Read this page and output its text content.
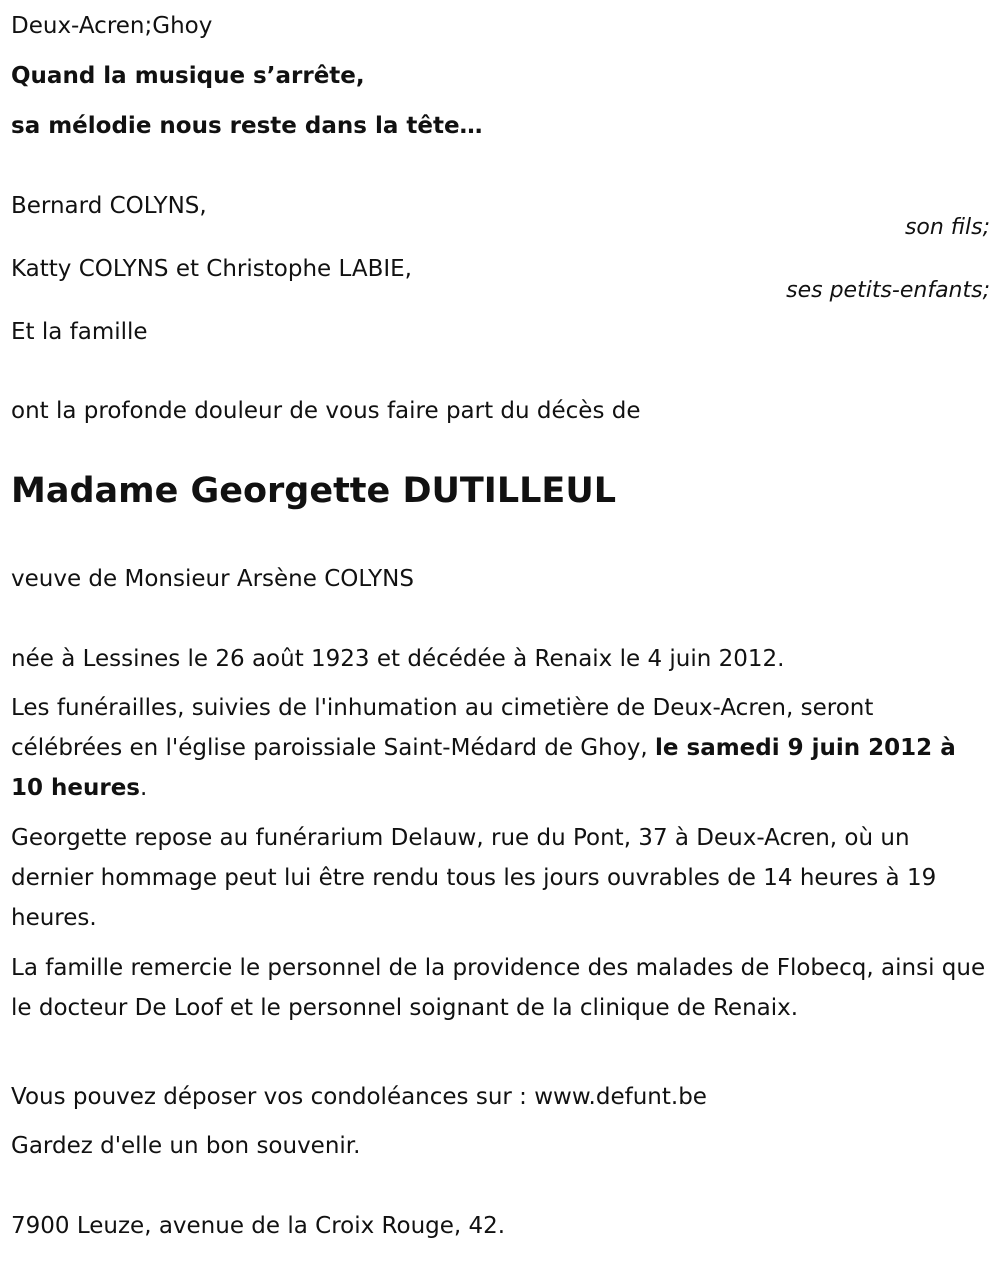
Deux-Acren;Ghoy

Quand la musique s’arrête,

sa mélodie nous reste dans la tête…

Bernard COLYNS,

son fils;

Katty COLYNS et Christophe LABIE,

ses petits-enfants;

Et la famille

ont la profonde douleur de vous faire part du décès de

Madame Georgette DUTILLEUL

veuve de Monsieur Arsène COLYNS

née à Lessines le 26 août 1923 et décédée à Renaix le 4 juin 2012.

Les funérailles, suivies de l'inhumation au cimetière de Deux-Acren, seront célébrées en l'église paroissiale Saint-Médard de Ghoy, le samedi 9 juin 2012 à 10 heures.

Georgette repose au funérarium Delauw, rue du Pont, 37 à Deux-Acren, où un dernier hommage peut lui être rendu tous les jours ouvrables de 14 heures à 19 heures.

La famille remercie le personnel de la providence des malades de Flobecq, ainsi que le docteur De Loof et le personnel soignant de la clinique de Renaix.

Vous pouvez déposer vos condoléances sur : www.defunt.be

Gardez d'elle un bon souvenir.

7900 Leuze, avenue de la Croix Rouge, 42.
